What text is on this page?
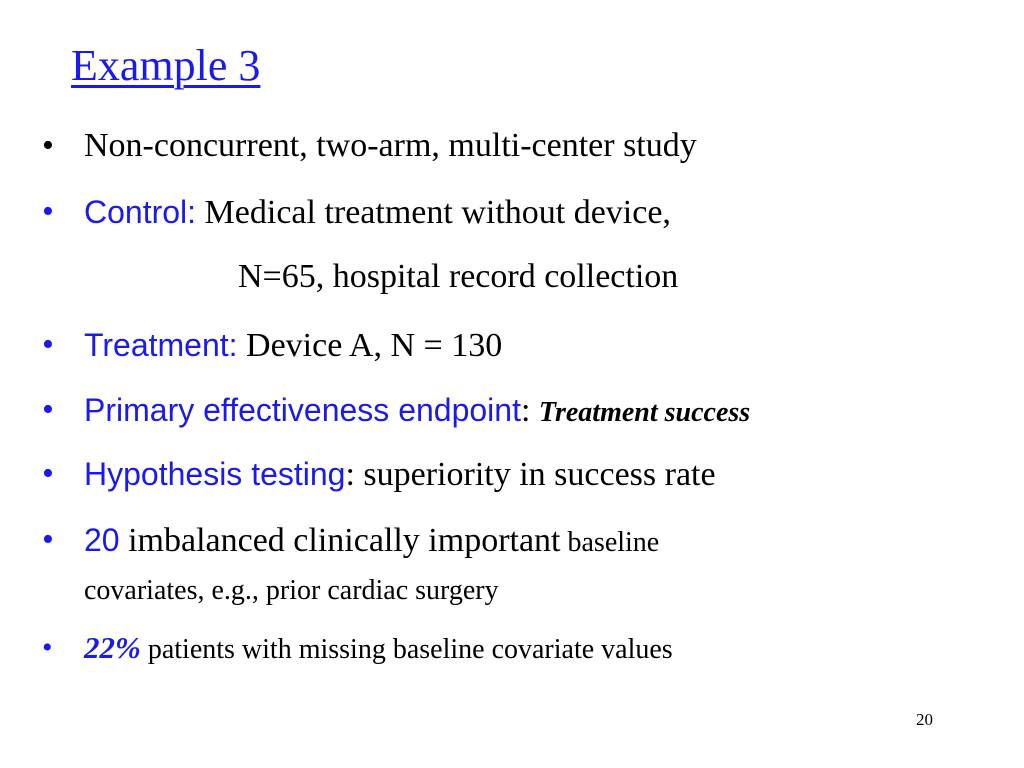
Example 3
• Non-concurrent, two-arm, multi-center study
• Control: Medical treatment without device,
N=65, hospital record collection
• Treatment: Device A, N = 130
• Primary effectiveness endpoint: Treatment success
• Hypothesis testing: superiority in success rate
• 20 imbalanced clinically important baseline
covariates, e.g., prior cardiac surgery
• 22% patients with missing baseline covariate values
20
